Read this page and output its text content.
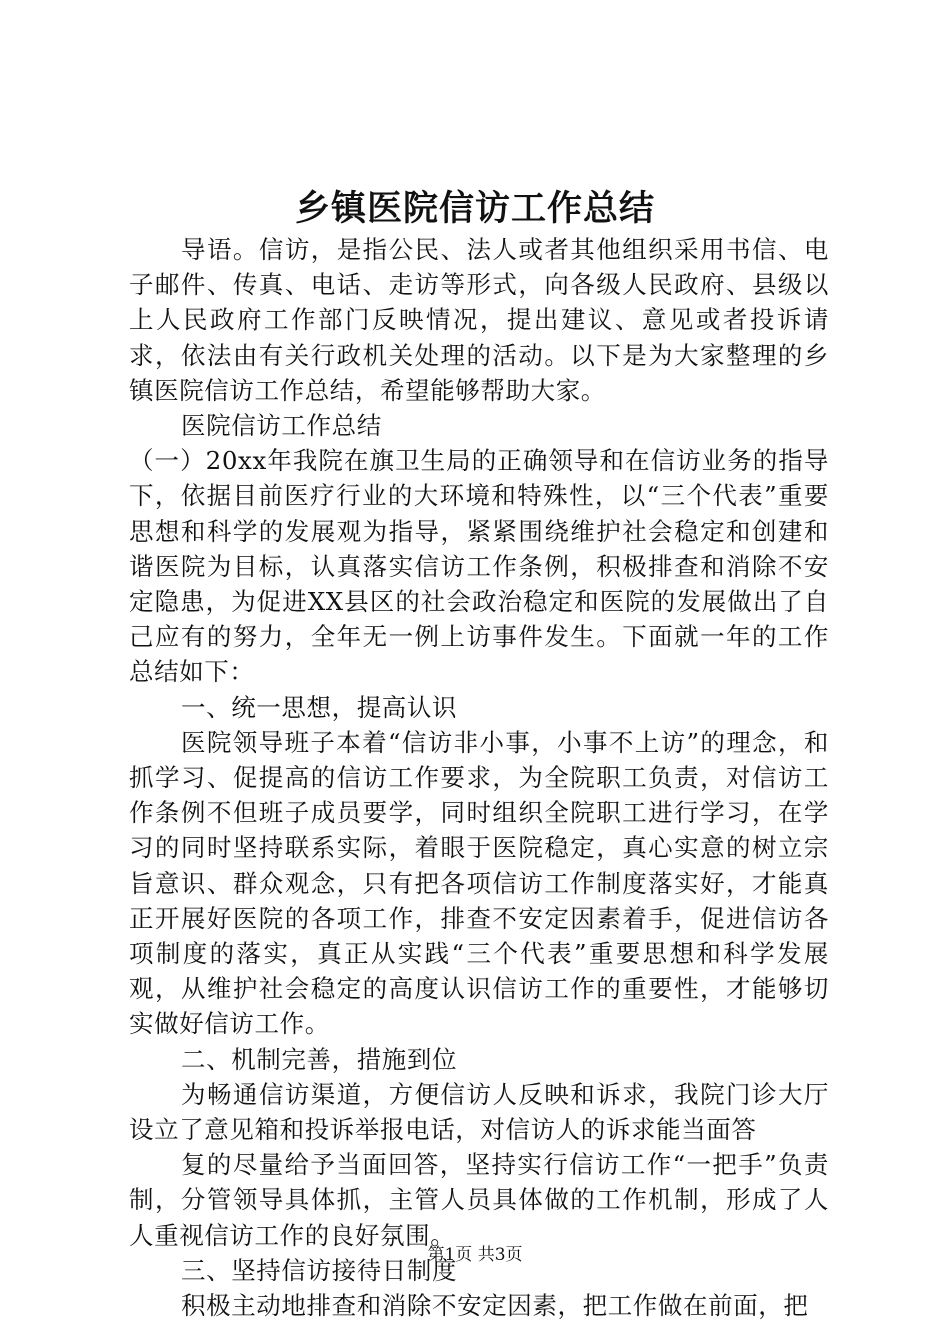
乡镇医院信访工作总结

导语。信访，是指公民、法人或者其他组织采用书信、电子邮件、传真、电话、走访等形式，向各级人民政府、县级以上人民政府工作部门反映情况，提出建议、意见或者投诉请求，依法由有关行政机关处理的活动。以下是为大家整理的乡镇医院信访工作总结，希望能够帮助大家。

医院信访工作总结

（一）20xx年我院在旗卫生局的正确领导和在信访业务的指导下，依据目前医疗行业的大环境和特殊性，以“三个代表”重要思想和科学的发展观为指导，紧紧围绕维护社会稳定和创建和谐医院为目标，认真落实信访工作条例，积极排查和消除不安定隐患，为促进XX县区的社会政治稳定和医院的发展做出了自己应有的努力，全年无一例上访事件发生。下面就一年的工作总结如下：

一、统一思想，提高认识

医院领导班子本着“信访非小事，小事不上访”的理念，和抓学习、促提高的信访工作要求，为全院职工负责，对信访工作条例不但班子成员要学，同时组织全院职工进行学习，在学习的同时坚持联系实际，着眼于医院稳定，真心实意的树立宗旨意识、群众观念，只有把各项信访工作制度落实好，才能真正开展好医院的各项工作，排查不安定因素着手，促进信访各项制度的落实，真正从实践“三个代表”重要思想和科学发展观，从维护社会稳定的高度认识信访工作的重要性，才能够切实做好信访工作。

二、机制完善，措施到位

为畅通信访渠道，方便信访人反映和诉求，我院门诊大厅设立了意见箱和投诉举报电话，对信访人的诉求能当面答

复的尽量给予当面回答，坚持实行信访工作“一把手”负责制，分管领导具体抓，主管人员具体做的工作机制，形成了人人重视信访工作的良好氛围。

三、坚持信访接待日制度

积极主动地排查和消除不安定因素，把工作做在前面，把

第1页 共3页
